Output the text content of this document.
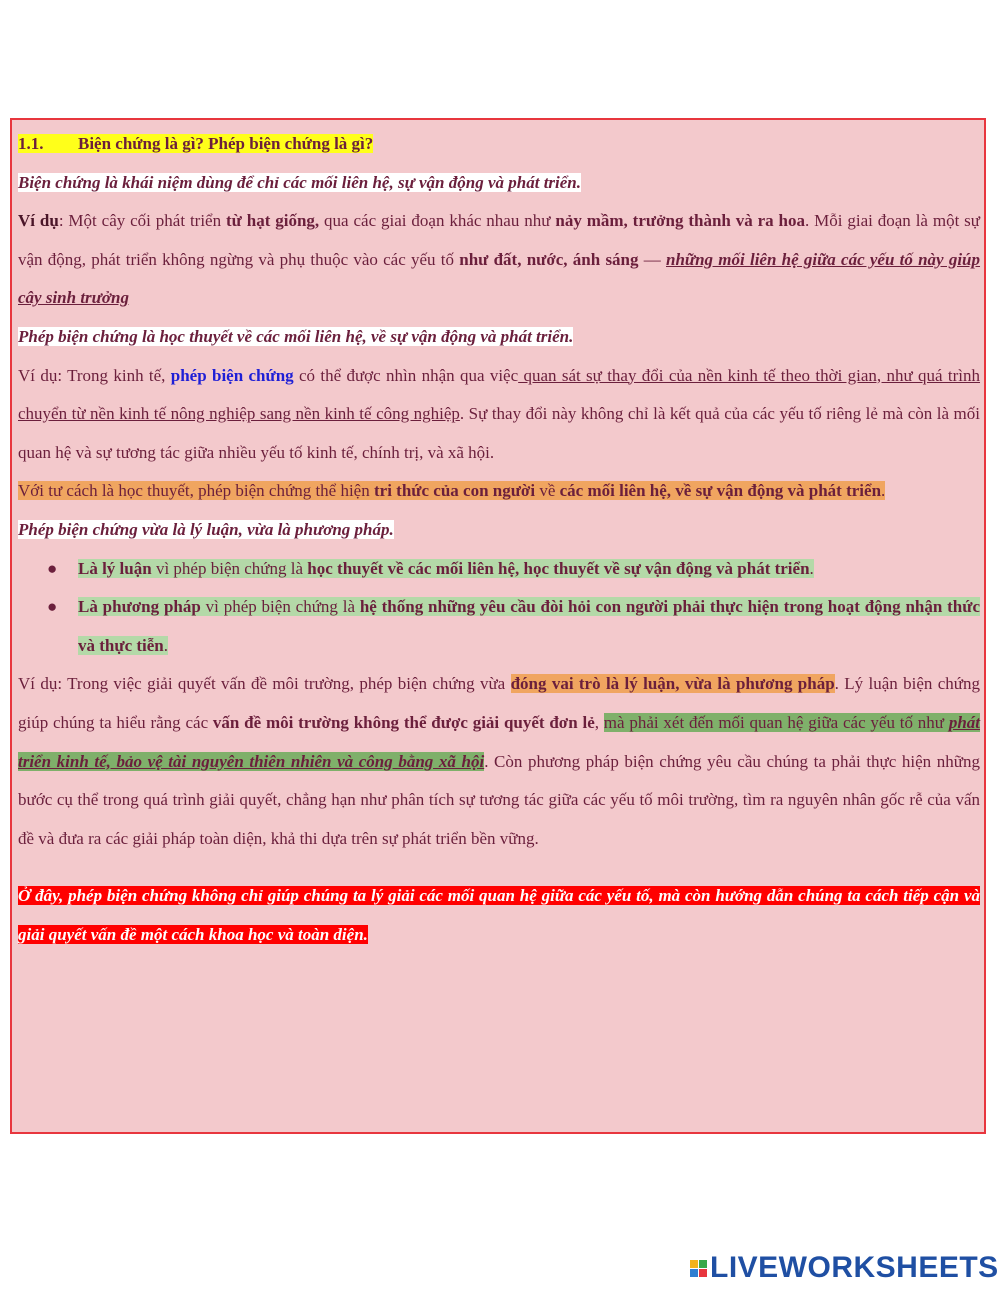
1.1. Biện chứng là gì? Phép biện chứng là gì?

Biện chứng là khái niệm dùng để chỉ các mối liên hệ, sự vận động và phát triển.

Ví dụ: Một cây cối phát triển từ hạt giống, qua các giai đoạn khác nhau như nảy mầm, trưởng thành và ra hoa. Mỗi giai đoạn là một sự vận động, phát triển không ngừng và phụ thuộc vào các yếu tố như đất, nước, ánh sáng — những mối liên hệ giữa các yếu tố này giúp cây sinh trưởng

Phép biện chứng là học thuyết về các mối liên hệ, về sự vận động và phát triển.

Ví dụ: Trong kinh tế, phép biện chứng có thể được nhìn nhận qua việc quan sát sự thay đổi của nền kinh tế theo thời gian, như quá trình chuyển từ nền kinh tế nông nghiệp sang nền kinh tế công nghiệp. Sự thay đổi này không chỉ là kết quả của các yếu tố riêng lẻ mà còn là mối quan hệ và sự tương tác giữa nhiều yếu tố kinh tế, chính trị, và xã hội.

Với tư cách là học thuyết, phép biện chứng thể hiện tri thức của con người về các mối liên hệ, về sự vận động và phát triển.

Phép biện chứng vừa là lý luận, vừa là phương pháp.

● Là lý luận vì phép biện chứng là học thuyết về các mối liên hệ, học thuyết về sự vận động và phát triển.
● Là phương pháp vì phép biện chứng là hệ thống những yêu cầu đòi hỏi con người phải thực hiện trong hoạt động nhận thức và thực tiễn.

Ví dụ: Trong việc giải quyết vấn đề môi trường, phép biện chứng vừa đóng vai trò là lý luận, vừa là phương pháp. Lý luận biện chứng giúp chúng ta hiểu rằng các vấn đề môi trường không thể được giải quyết đơn lẻ, mà phải xét đến mối quan hệ giữa các yếu tố như phát triển kinh tế, bảo vệ tài nguyên thiên nhiên và công bằng xã hội. Còn phương pháp biện chứng yêu cầu chúng ta phải thực hiện những bước cụ thể trong quá trình giải quyết, chẳng hạn như phân tích sự tương tác giữa các yếu tố môi trường, tìm ra nguyên nhân gốc rễ của vấn đề và đưa ra các giải pháp toàn diện, khả thi dựa trên sự phát triển bền vững.

Ở đây, phép biện chứng không chỉ giúp chúng ta lý giải các mối quan hệ giữa các yếu tố, mà còn hướng dẫn chúng ta cách tiếp cận và giải quyết vấn đề một cách khoa học và toàn diện.

LIVEWORKSHEETS
